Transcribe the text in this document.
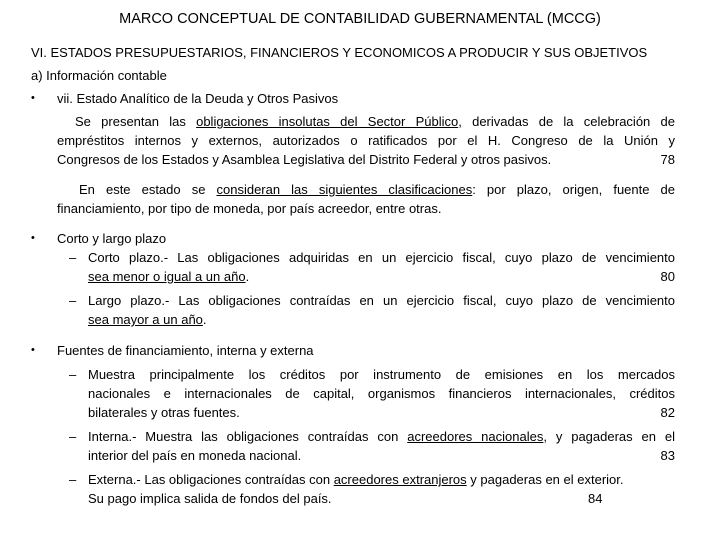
MARCO CONCEPTUAL DE CONTABILIDAD GUBERNAMENTAL (MCCG)
VI. ESTADOS PRESUPUESTARIOS, FINANCIEROS Y ECONOMICOS A PRODUCIR Y SUS OBJETIVOS
a) Información contable
• vii. Estado Analítico de la Deuda y Otros Pasivos
Se presentan las obligaciones insolutas del Sector Público, derivadas de la celebración de
empréstitos internos y externos, autorizados o ratificados por el H. Congreso de la Unión y
Congresos de los Estados y Asamblea Legislativa del Distrito Federal y otros pasivos.	78
En este estado se consideran las siguientes clasificaciones: por plazo, origen, fuente de
financiamiento, por tipo de moneda, por país acreedor, entre otras.
• Corto y largo plazo
– Corto plazo.- Las obligaciones adquiridas en un ejercicio fiscal, cuyo plazo de vencimiento
sea menor o igual a un año.	80
– Largo plazo.- Las obligaciones contraídas en un ejercicio fiscal, cuyo plazo de vencimiento
sea mayor a un año.
• Fuentes de financiamiento, interna y externa
– Muestra principalmente los créditos por instrumento de emisiones en los mercados
nacionales e internacionales de capital, organismos financieros internacionales, créditos
bilaterales y otras fuentes.	82
– Interna.- Muestra las obligaciones contraídas con acreedores nacionales, y pagaderas en el
interior del país en moneda nacional.	83
– Externa.- Las obligaciones contraídas con acreedores extranjeros y pagaderas en el exterior.
Su pago implica salida de fondos del país.	84
